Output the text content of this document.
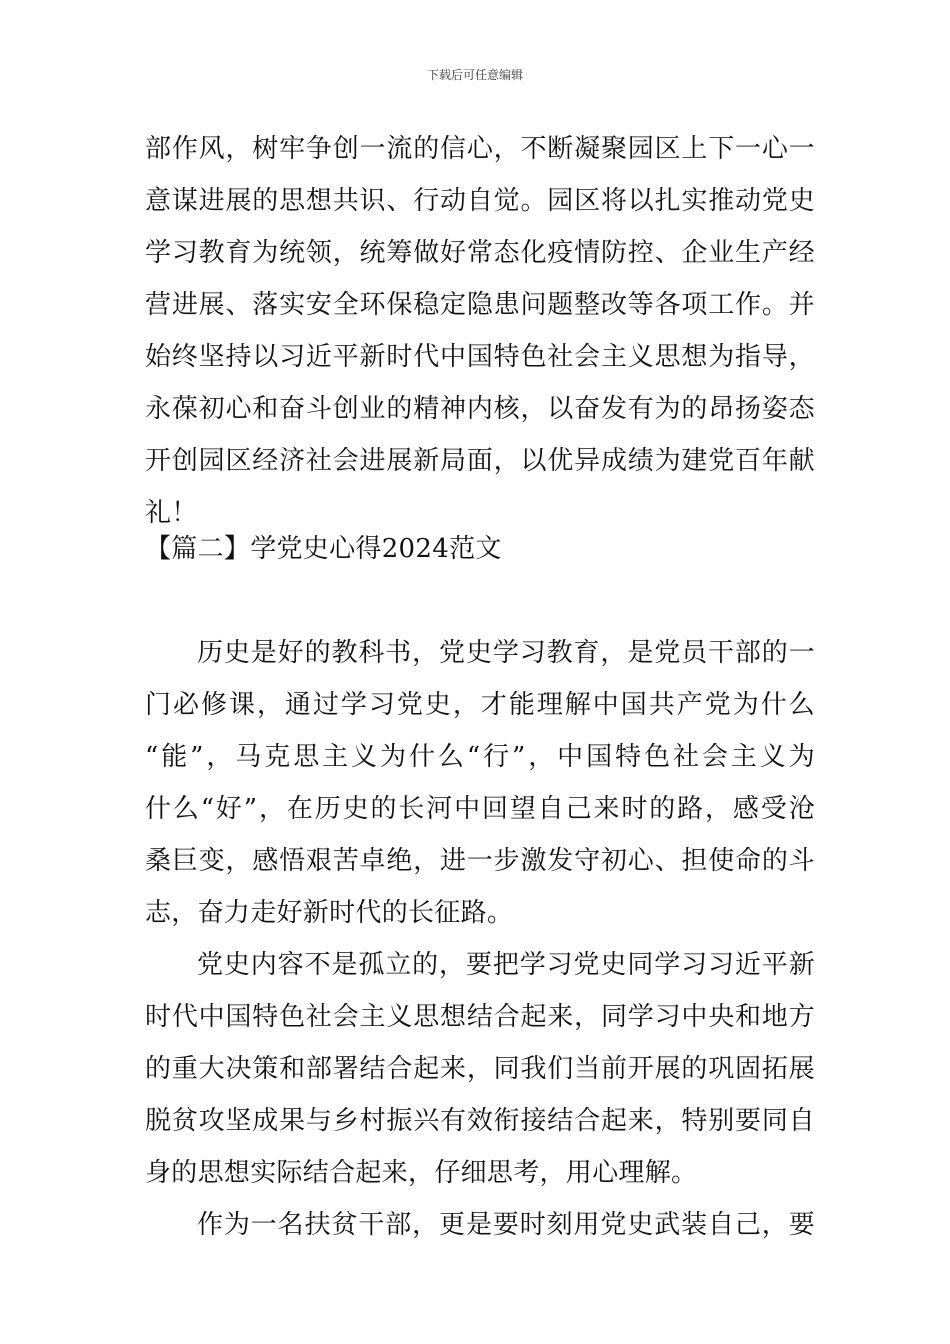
下载后可任意编辑
部作风，树牢争创一流的信心，不断凝聚园区上下一心一
意谋进展的思想共识、行动自觉。园区将以扎实推动党史
学习教育为统领，统筹做好常态化疫情防控、企业生产经
营进展、落实安全环保稳定隐患问题整改等各项工作。并
始终坚持以习近平新时代中国特色社会主义思想为指导，
永葆初心和奋斗创业的精神内核，以奋发有为的昂扬姿态
开创园区经济社会进展新局面，以优异成绩为建党百年献
礼！
【篇二】学党史心得2024范文
历史是好的教科书，党史学习教育，是党员干部的一
门必修课，通过学习党史，才能理解中国共产党为什么
“能”，马克思主义为什么“行”，中国特色社会主义为
什么“好”，在历史的长河中回望自己来时的路，感受沧
桑巨变，感悟艰苦卓绝，进一步激发守初心、担使命的斗
志，奋力走好新时代的长征路。
党史内容不是孤立的，要把学习党史同学习习近平新
时代中国特色社会主义思想结合起来，同学习中央和地方
的重大决策和部署结合起来，同我们当前开展的巩固拓展
脱贫攻坚成果与乡村振兴有效衔接结合起来，特别要同自
身的思想实际结合起来，仔细思考，用心理解。
作为一名扶贫干部，更是要时刻用党史武装自己，要
